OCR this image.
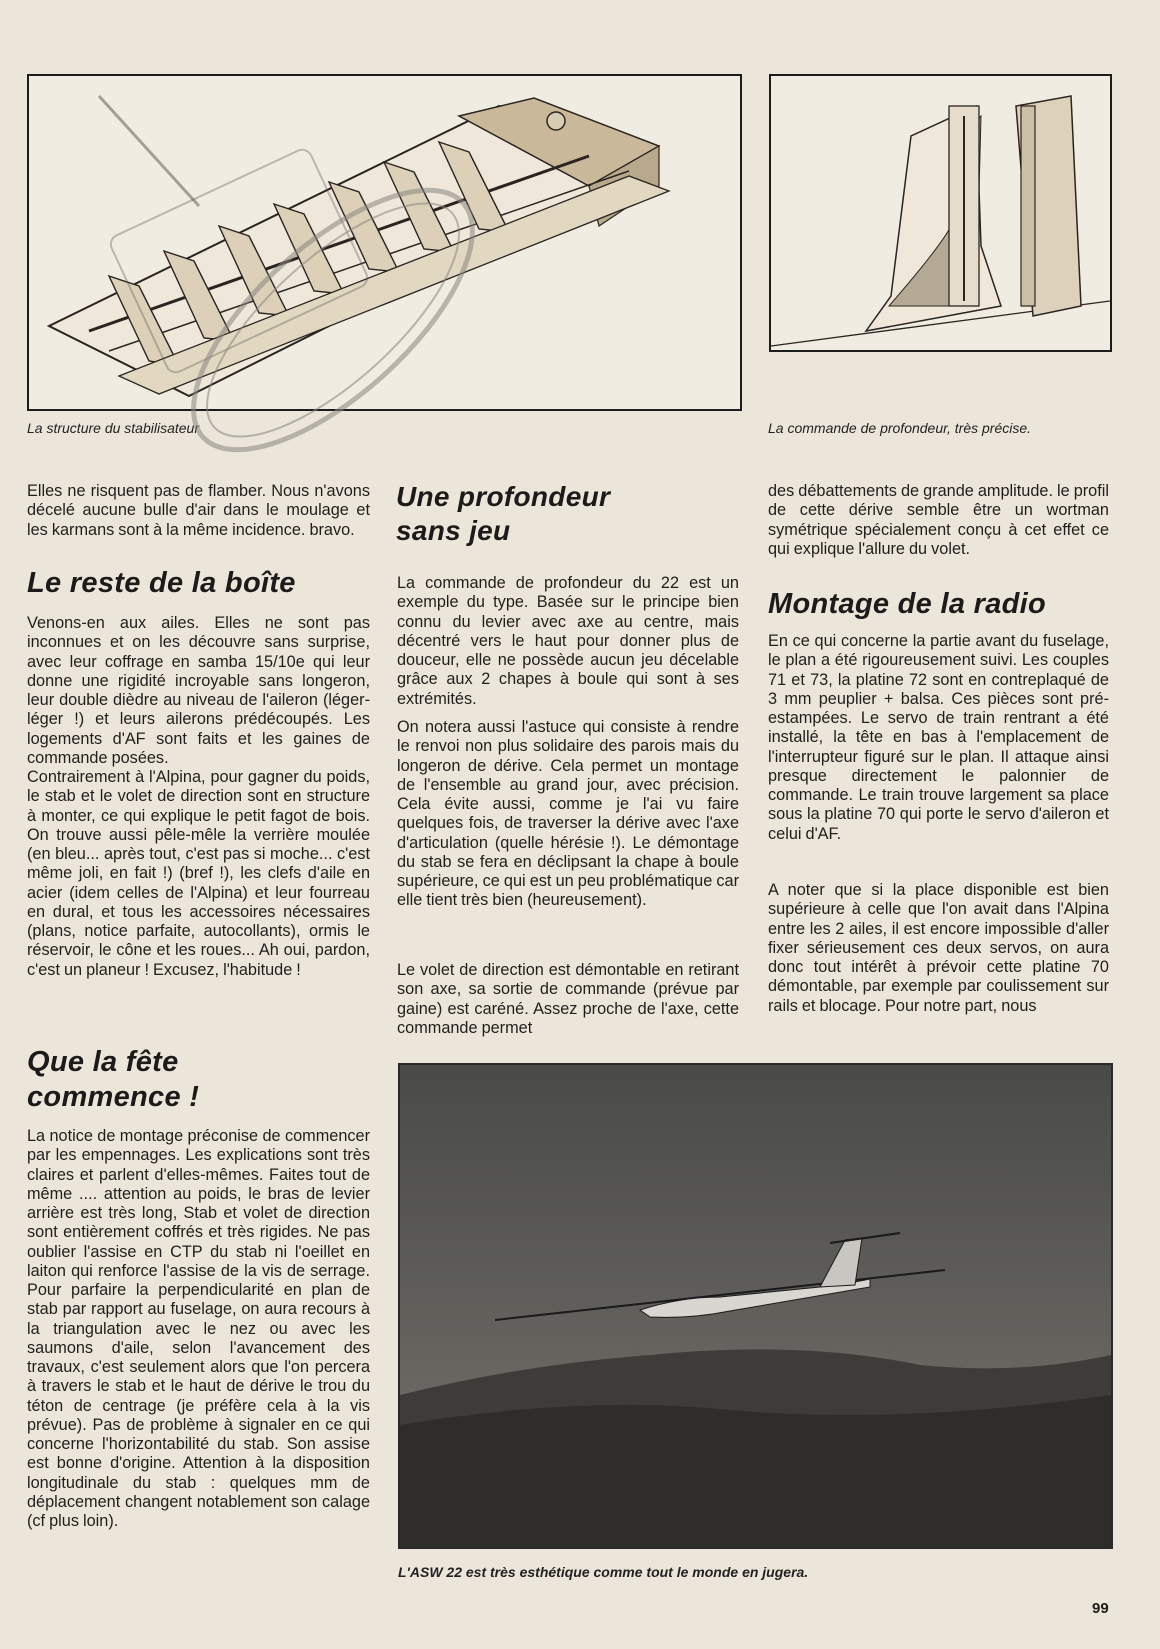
La structure du stabilisateur	La commande de profondeur, très précise.

Elles ne risquent pas de flamber. Nous n'avons décelé aucune bulle d'air dans le moulage et les karmans sont à la même incidence. bravo.

Le reste de la boîte

Venons-en aux ailes. Elles ne sont pas inconnues et on les découvre sans surprise, avec leur coffrage en samba 15/10e qui leur donne une rigidité incroyable sans longeron, leur double dièdre au niveau de l'aileron (léger-léger !) et leurs ailerons prédécoupés. Les logements d'AF sont faits et les gaines de commande posées.

Contrairement à l'Alpina, pour gagner du poids, le stab et le volet de direction sont en structure à monter, ce qui explique le petit fagot de bois. On trouve aussi pêle-mêle la verrière moulée (en bleu... après tout, c'est pas si moche... c'est même joli, en fait !) (bref !), les clefs d'aile en acier (idem celles de l'Alpina) et leur fourreau en dural, et tous les accessoires nécessaires (plans, notice parfaite, autocollants), ormis le réservoir, le cône et les roues... Ah oui, pardon, c'est un planeur ! Excusez, l'habitude !

Que la fête
commence !

La notice de montage préconise de commencer par les empennages. Les explications sont très claires et parlent d'elles-mêmes. Faites tout de même .... attention au poids, le bras de levier arrière est très long, Stab et volet de direction sont entièrement coffrés et très rigides. Ne pas oublier l'assise en CTP du stab ni l'oeillet en laiton qui renforce l'assise de la vis de serrage. Pour parfaire la perpendicularité en plan de stab par rapport au fuselage, on aura recours à la triangulation avec le nez ou avec les saumons d'aile, selon l'avancement des travaux, c'est seulement alors que l'on percera à travers le stab et le haut de dérive le trou du téton de centrage (je préfère cela à la vis prévue). Pas de problème à signaler en ce qui concerne l'horizontabilité du stab. Son assise est bonne d'origine. Attention à la disposition longitudinale du stab : quelques mm de déplacement changent notablement son calage (cf plus loin).

Une profondeur
sans jeu

La commande de profondeur du 22 est un exemple du type. Basée sur le principe bien connu du levier avec axe au centre, mais décentré vers le haut pour donner plus de douceur, elle ne possède aucun jeu décelable grâce aux 2 chapes à boule qui sont à ses extrémités.

On notera aussi l'astuce qui consiste à rendre le renvoi non plus solidaire des parois mais du longeron de dérive. Cela permet un montage de l'ensemble au grand jour, avec précision. Cela évite aussi, comme je l'ai vu faire quelques fois, de traverser la dérive avec l'axe d'articulation (quelle hérésie !). Le démontage du stab se fera en déclipsant la chape à boule supérieure, ce qui est un peu problématique car elle tient très bien (heureusement).

Le volet de direction est démontable en retirant son axe, sa sortie de commande (prévue par gaine) est caréné. Assez proche de l'axe, cette commande permet

des débattements de grande amplitude. le profil de cette dérive semble être un wortman symétrique spécialement conçu à cet effet ce qui explique l'allure du volet.

Montage de la radio

En ce qui concerne la partie avant du fuselage, le plan a été rigoureusement suivi. Les couples 71 et 73, la platine 72 sont en contreplaqué de 3 mm peuplier + balsa. Ces pièces sont pré-estampées. Le servo de train rentrant a été installé, la tête en bas à l'emplacement de l'interrupteur figuré sur le plan. Il attaque ainsi presque directement le palonnier de commande. Le train trouve largement sa place sous la platine 70 qui porte le servo d'aileron et celui d'AF.

A noter que si la place disponible est bien supérieure à celle que l'on avait dans l'Alpina entre les 2 ailes, il est encore impossible d'aller fixer sérieusement ces deux servos, on aura donc tout intérêt à prévoir cette platine 70 démontable, par exemple par coulissement sur rails et blocage. Pour notre part, nous

L'ASW 22 est très esthétique comme tout le monde en jugera.
99
